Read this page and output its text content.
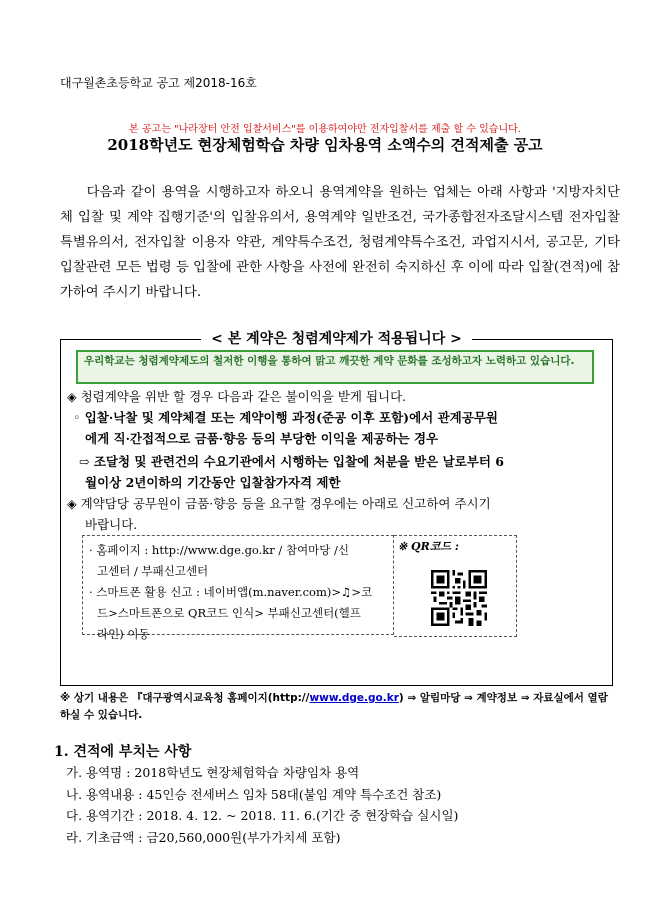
대구월촌초등학교 공고 제2018-16호
본 공고는 "나라장터 안전 입찰서비스"를 이용하여야만 전자입찰서를 제출 할 수 있습니다.
2018학년도 현장체험학습 차량 임차용역 소액수의 견적제출 공고

다음과 같이 용역을 시행하고자 하오니 용역계약을 원하는 업체는 아래 사항과 '지방자치단체 입찰 및 계약 집행기준'의 입찰유의서, 용역계약 일반조건, 국가종합전자조달시스템 전자입찰특별유의서, 전자입찰 이용자 약관, 계약특수조건, 청렴계약특수조건, 과업지시서, 공고문, 기타 입찰관련 모든 법령 등 입찰에 관한 사항을 사전에 완전히 숙지하신 후 이에 따라 입찰(견적)에 참가하여 주시기 바랍니다.

< 본 계약은 청렴계약제가 적용됩니다 >
우리학교는 청렴계약제도의 철저한 이행을 통하여 맑고 깨끗한 계약 문화를 조성하고자 노력하고 있습니다.
◈ 청렴계약을 위반 할 경우 다음과 같은 불이익을 받게 됩니다.
◦ 입찰·낙찰 및 계약체결 또는 계약이행 과정(준공 이후 포함)에서 관계공무원
에게 직·간접적으로 금품·향응 등의 부당한 이익을 제공하는 경우
⇨ 조달청 및 관련건의 수요기관에서 시행하는 입찰에 처분을 받은 날로부터 6
월이상 2년이하의 기간동안 입찰참가자격 제한
◈ 계약담당 공무원이 금품·향응 등을 요구할 경우에는 아래로 신고하여 주시기
바랍니다.
· 홈페이지 : http://www.dge.go.kr / 참여마당 /신
고센터 / 부패신고센터
· 스마트폰 활용 신고 : 네이버앱(m.naver.com)>♫>코
드>스마트폰으로 QR코드 인식> 부패신고센터(헬프
라인) 이동
※ QR코드 :
※ 상기 내용은 『대구광역시교육청 홈페이지(http://www.dge.go.kr) ⇒ 알림마당 ⇒ 계약정보 ⇒ 자료실에서 열람하실 수 있습니다.
1. 견적에 부치는 사항
가. 용역명 : 2018학년도 현장체험학습 차량임차 용역
나. 용역내용 : 45인승 전세버스 임차 58대(붙임 계약 특수조건 참조)
다. 용역기간 : 2018. 4. 12. ~ 2018. 11. 6.(기간 중 현장학습 실시일)
라. 기초금액 : 금20,560,000원(부가가치세 포함)
